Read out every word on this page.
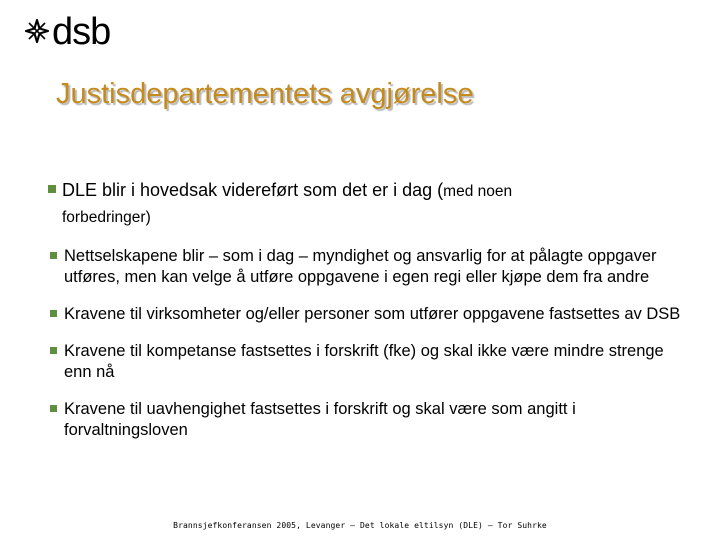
dsb
Justisdepartementets avgjørelse
DLE blir i hovedsak videreført som det er i dag (med noen
forbedringer)
Nettselskapene blir – som i dag – myndighet og ansvarlig for at pålagte oppgaver utføres, men kan velge å utføre oppgavene i egen regi eller kjøpe dem fra andre
Kravene til virksomheter og/eller personer som utfører oppgavene fastsettes av DSB
Kravene til kompetanse fastsettes i forskrift (fke) og skal ikke være mindre strenge enn nå
Kravene til uavhengighet fastsettes i forskrift og skal være som angitt i forvaltningsloven
Brannsjefkonferansen 2005, Levanger – Det lokale eltilsyn (DLE) – Tor Suhrke
